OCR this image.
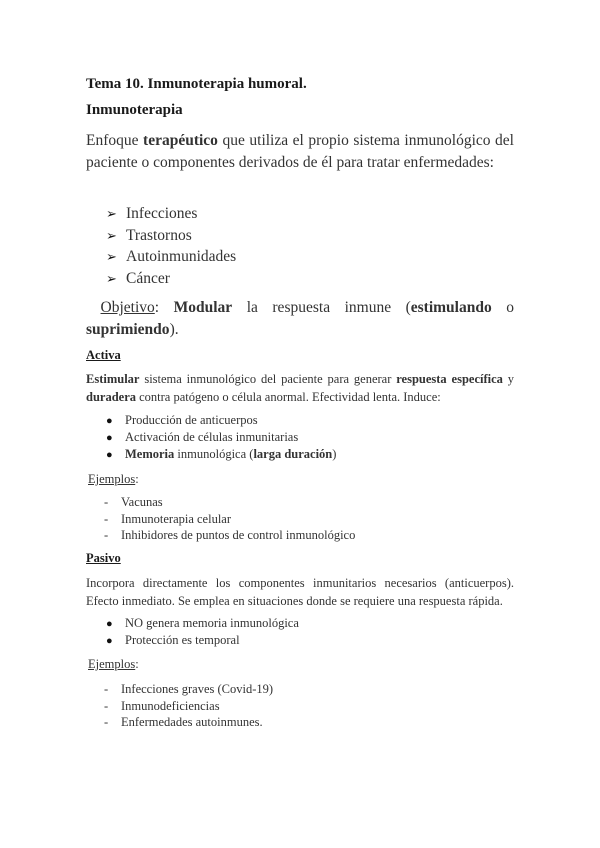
Tema 10. Inmunoterapia humoral.
Inmunoterapia
Enfoque terapéutico que utiliza el propio sistema inmunológico del paciente o componentes derivados de él para tratar enfermedades:
➢ Infecciones
➢ Trastornos
➢ Autoinmunidades
➢ Cáncer
Objetivo: Modular la respuesta inmune (estimulando o suprimiendo).
Activa
Estimular sistema inmunológico del paciente para generar respuesta específica y duradera contra patógeno o célula anormal. Efectividad lenta. Induce:
● Producción de anticuerpos
● Activación de células inmunitarias
● Memoria inmunológica (larga duración)
Ejemplos:
- Vacunas
- Inmunoterapia celular
- Inhibidores de puntos de control inmunológico
Pasivo
Incorpora directamente los componentes inmunitarios necesarios (anticuerpos). Efecto inmediato. Se emplea en situaciones donde se requiere una respuesta rápida.
● NO genera memoria inmunológica
● Protección es temporal
Ejemplos:
- Infecciones graves (Covid-19)
- Inmunodeficiencias
- Enfermedades autoinmunes.
